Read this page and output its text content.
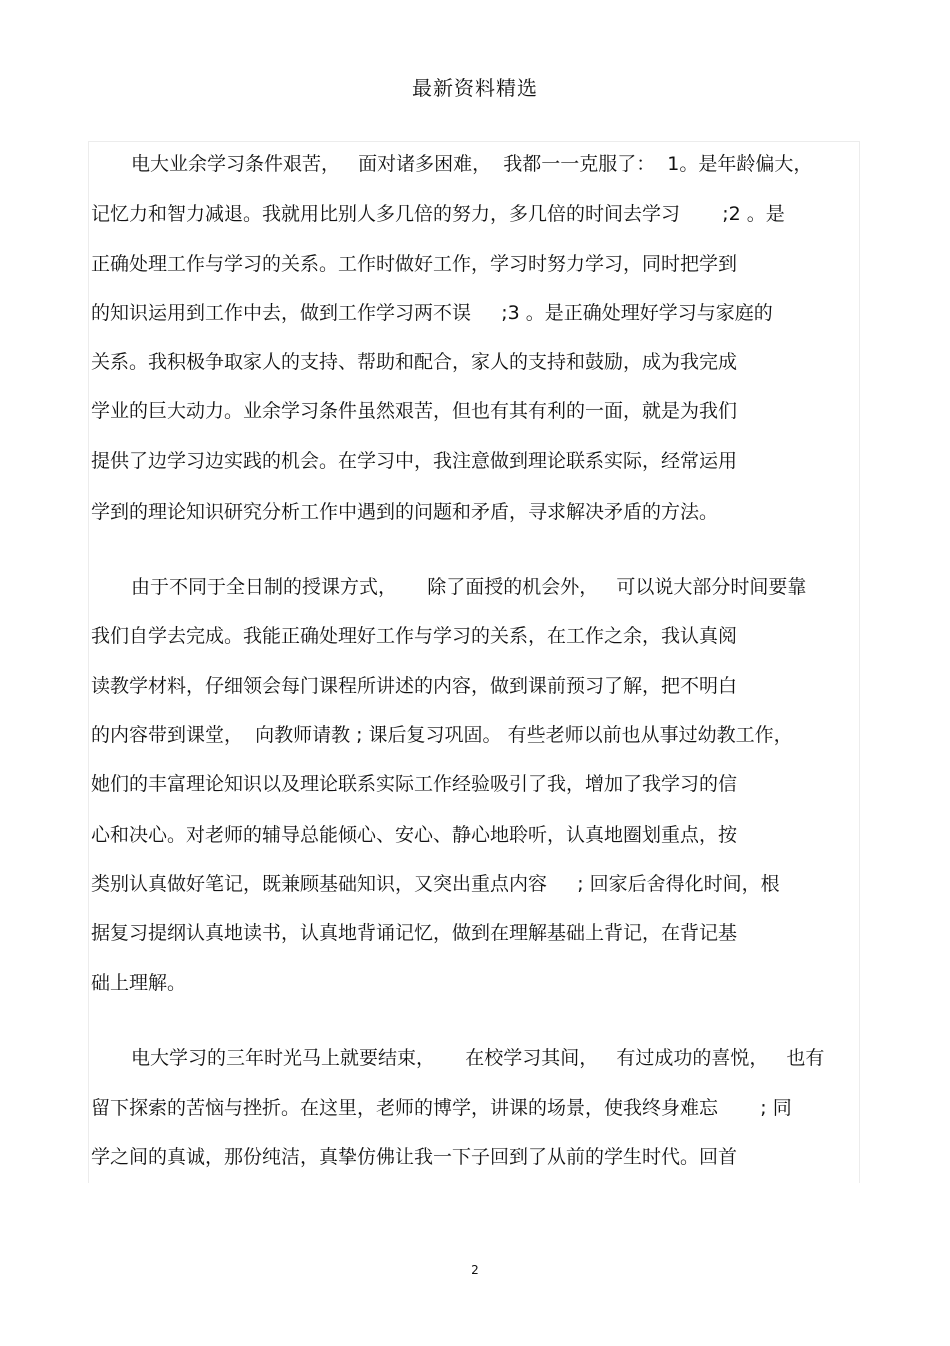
最新资料精选
电大业余学习条件艰苦，   面对诸多困难，  我都一一克服了：  1。是年龄偏大，
记忆力和智力减退。我就用比别人多几倍的努力，多几倍的时间去学习       ;2 。是
正确处理工作与学习的关系。工作时做好工作，学习时努力学习，同时把学到
的知识运用到工作中去，做到工作学习两不误     ;3 。是正确处理好学习与家庭的
关系。我积极争取家人的支持、帮助和配合，家人的支持和鼓励，成为我完成
学业的巨大动力。业余学习条件虽然艰苦，但也有其有利的一面，就是为我们
提供了边学习边实践的机会。在学习中，我注意做到理论联系实际，经常运用
学到的理论知识研究分析工作中遇到的问题和矛盾，寻求解决矛盾的方法。
由于不同于全日制的授课方式，     除了面授的机会外，   可以说大部分时间要靠
我们自学去完成。我能正确处理好工作与学习的关系，在工作之余，我认真阅
读教学材料，仔细领会每门课程所讲述的内容，做到课前预习了解，把不明白
的内容带到课堂，  向教师请教 ; 课后复习巩固。 有些老师以前也从事过幼教工作，
她们的丰富理论知识以及理论联系实际工作经验吸引了我，增加了我学习的信
心和决心。对老师的辅导总能倾心、安心、静心地聆听，认真地圈划重点，按
类别认真做好笔记，既兼顾基础知识，又突出重点内容     ; 回家后舍得化时间，根
据复习提纲认真地读书，认真地背诵记忆，做到在理解基础上背记，在背记基
础上理解。
电大学习的三年时光马上就要结束，     在校学习其间，   有过成功的喜悦，   也有
留下探索的苦恼与挫折。在这里，老师的博学，讲课的场景，使我终身难忘       ; 同
学之间的真诚，那份纯洁，真挚仿佛让我一下子回到了从前的学生时代。回首
2
